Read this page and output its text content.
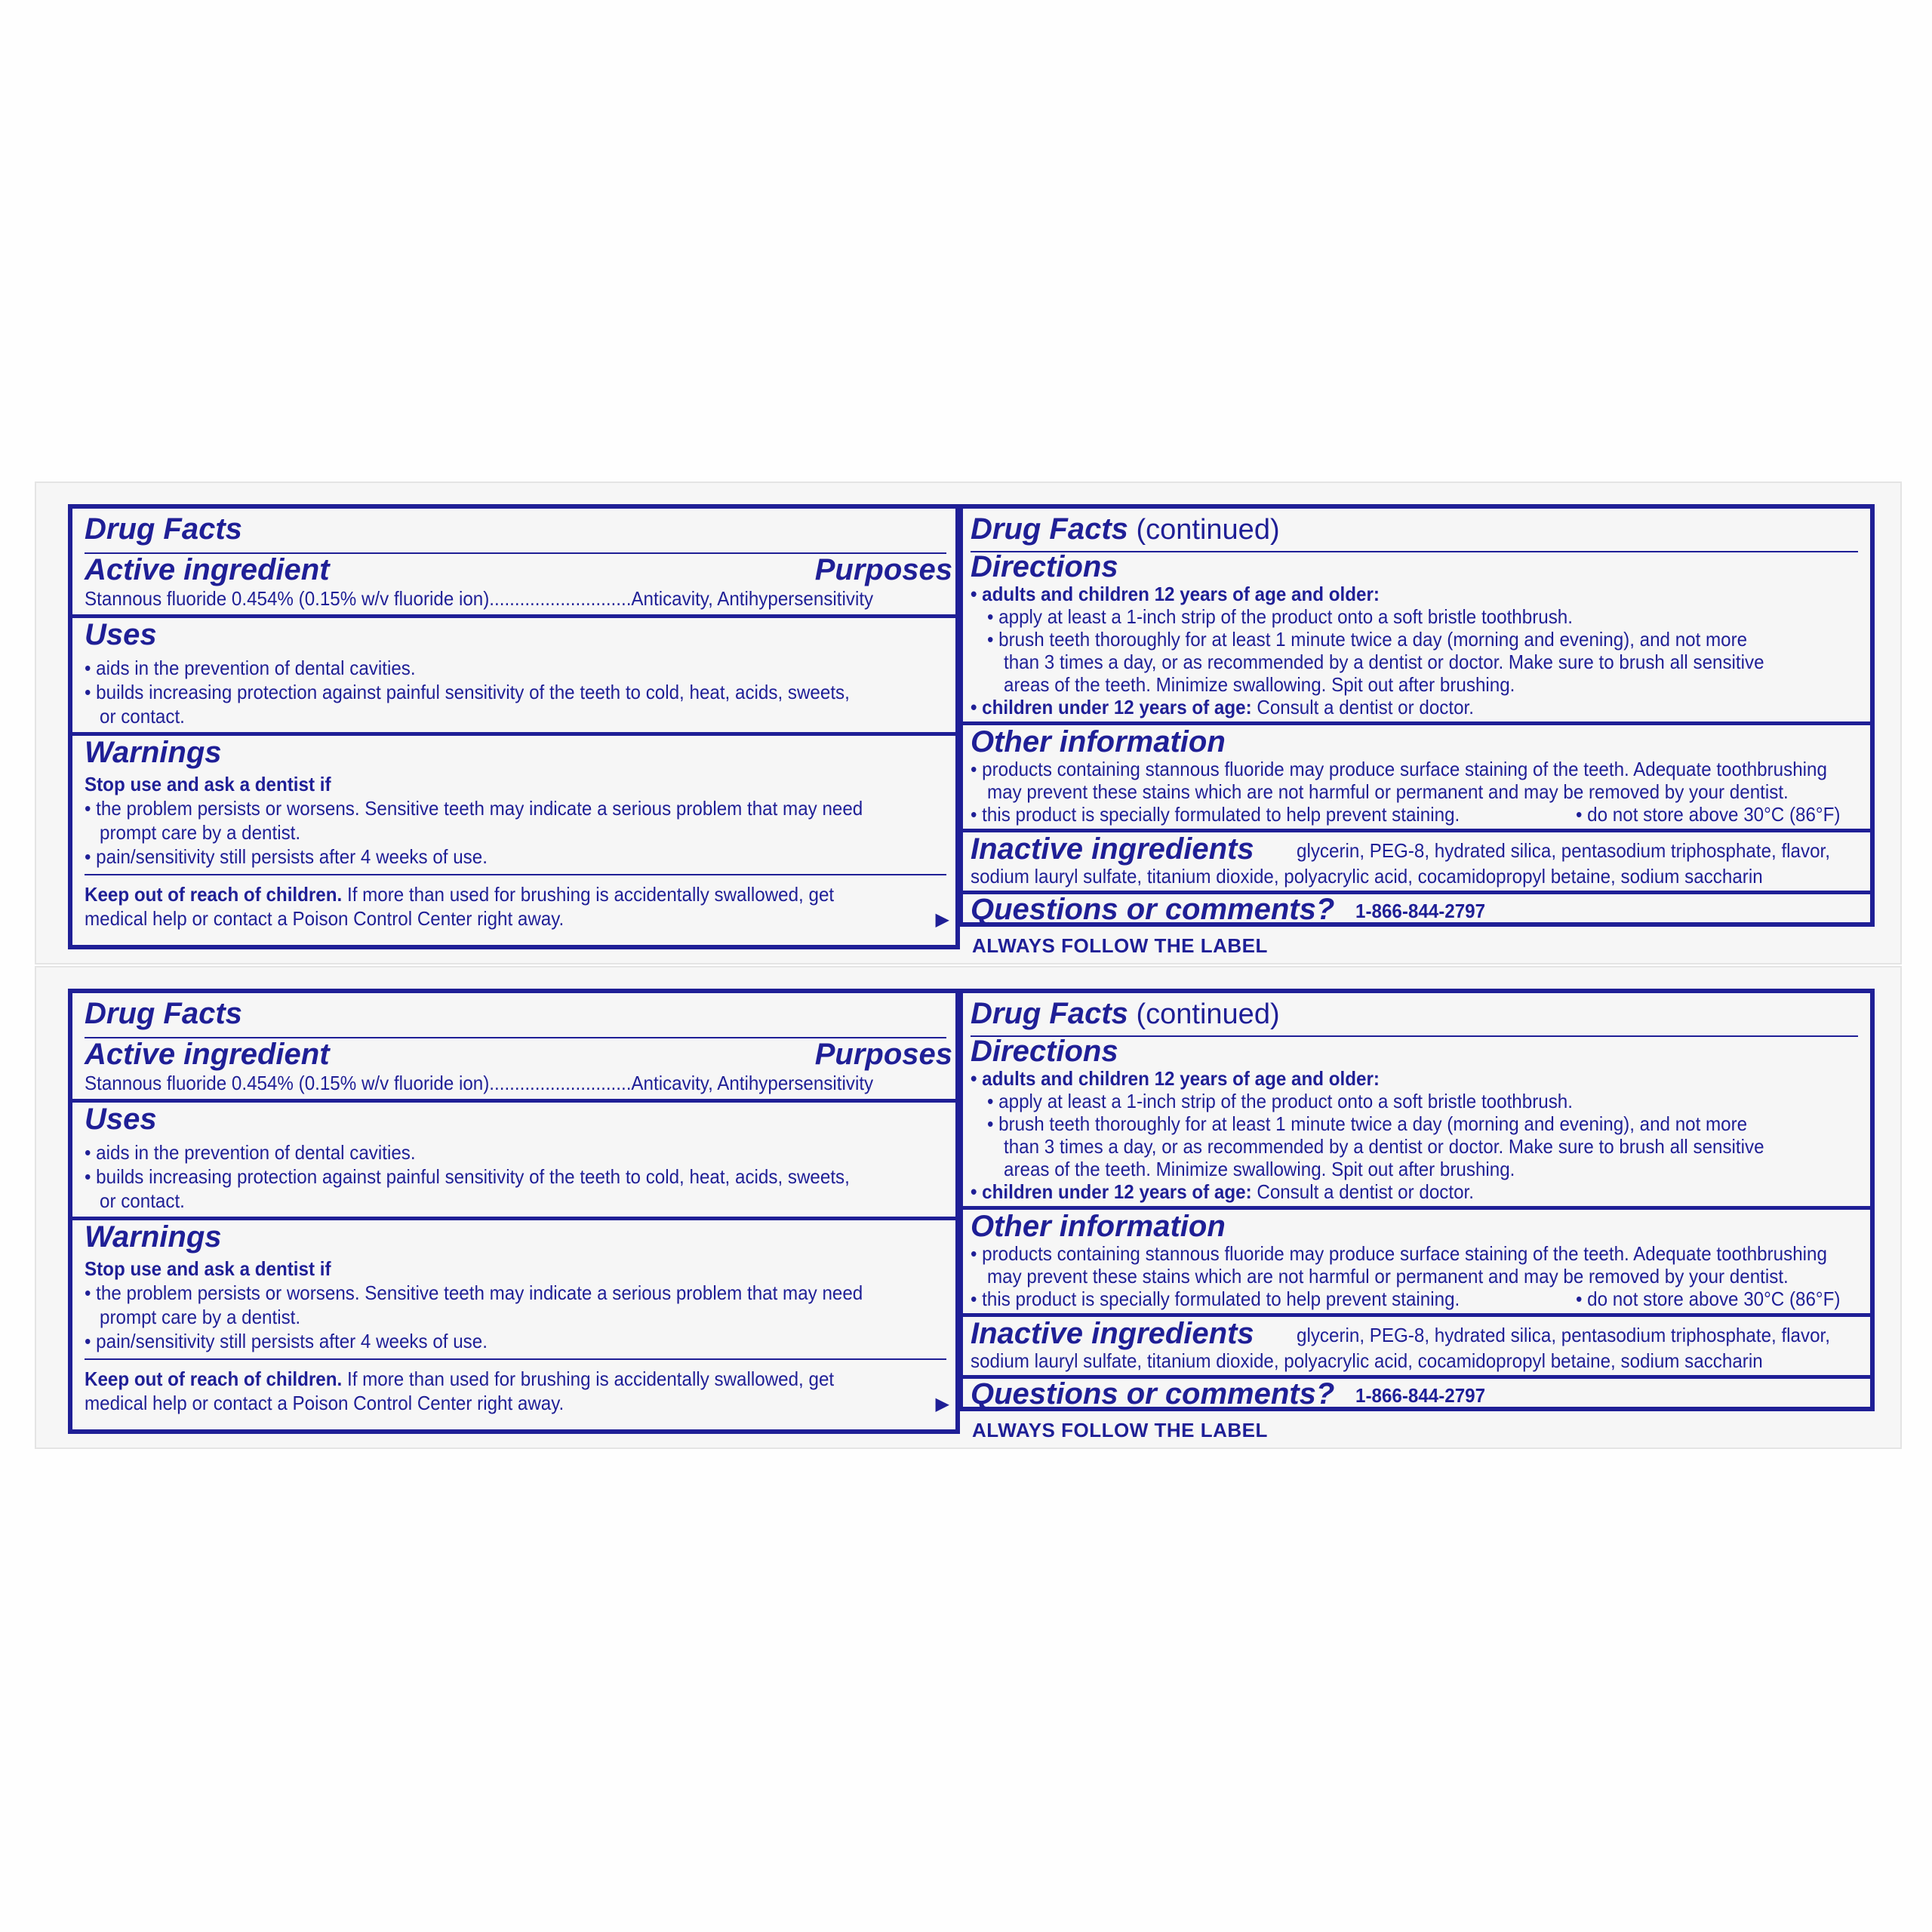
Drug Facts
Active ingredient	Purposes
Stannous fluoride 0.454% (0.15% w/v fluoride ion)............................Anticavity, Antihypersensitivity
Uses
• aids in the prevention of dental cavities.
• builds increasing protection against painful sensitivity of the teeth to cold, heat, acids, sweets,
or contact.
Warnings
Stop use and ask a dentist if
• the problem persists or worsens. Sensitive teeth may indicate a serious problem that may need
prompt care by a dentist.
• pain/sensitivity still persists after 4 weeks of use.
Keep out of reach of children. If more than used for brushing is accidentally swallowed, get
medical help or contact a Poison Control Center right away.	▶
Drug Facts (continued)
Directions
• adults and children 12 years of age and older:
• apply at least a 1-inch strip of the product onto a soft bristle toothbrush.
• brush teeth thoroughly for at least 1 minute twice a day (morning and evening), and not more
than 3 times a day, or as recommended by a dentist or doctor. Make sure to brush all sensitive
areas of the teeth. Minimize swallowing. Spit out after brushing.
• children under 12 years of age: Consult a dentist or doctor.
Other information
• products containing stannous fluoride may produce surface staining of the teeth. Adequate toothbrushing
may prevent these stains which are not harmful or permanent and may be removed by your dentist.
• this product is specially formulated to help prevent staining.	• do not store above 30°C (86°F)
Inactive ingredients glycerin, PEG-8, hydrated silica, pentasodium triphosphate, flavor,
sodium lauryl sulfate, titanium dioxide, polyacrylic acid, cocamidopropyl betaine, sodium saccharin
Questions or comments? 1-866-844-2797
ALWAYS FOLLOW THE LABEL
Drug Facts
Active ingredient	Purposes
Stannous fluoride 0.454% (0.15% w/v fluoride ion)............................Anticavity, Antihypersensitivity
Uses
• aids in the prevention of dental cavities.
• builds increasing protection against painful sensitivity of the teeth to cold, heat, acids, sweets,
or contact.
Warnings
Stop use and ask a dentist if
• the problem persists or worsens. Sensitive teeth may indicate a serious problem that may need
prompt care by a dentist.
• pain/sensitivity still persists after 4 weeks of use.
Keep out of reach of children. If more than used for brushing is accidentally swallowed, get
medical help or contact a Poison Control Center right away.	▶
Drug Facts (continued)
Directions
• adults and children 12 years of age and older:
• apply at least a 1-inch strip of the product onto a soft bristle toothbrush.
• brush teeth thoroughly for at least 1 minute twice a day (morning and evening), and not more
than 3 times a day, or as recommended by a dentist or doctor. Make sure to brush all sensitive
areas of the teeth. Minimize swallowing. Spit out after brushing.
• children under 12 years of age: Consult a dentist or doctor.
Other information
• products containing stannous fluoride may produce surface staining of the teeth. Adequate toothbrushing
may prevent these stains which are not harmful or permanent and may be removed by your dentist.
• this product is specially formulated to help prevent staining.	• do not store above 30°C (86°F)
Inactive ingredients glycerin, PEG-8, hydrated silica, pentasodium triphosphate, flavor,
sodium lauryl sulfate, titanium dioxide, polyacrylic acid, cocamidopropyl betaine, sodium saccharin
Questions or comments? 1-866-844-2797
ALWAYS FOLLOW THE LABEL
